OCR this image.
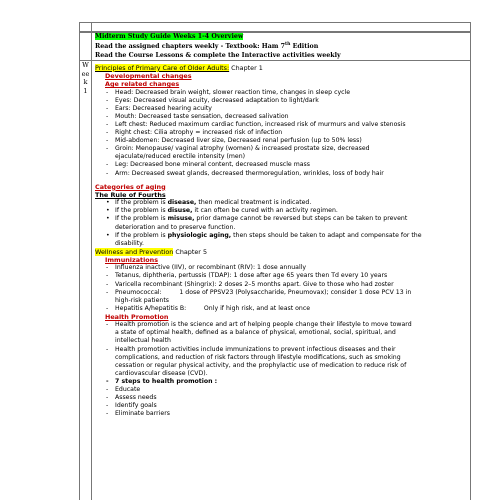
W
ee
k
1
Midterm Study Guide Weeks 1-4 Overview
Read the assigned chapters weekly - Textbook: Ham 7th Edition
Read the Course Lessons & complete the Interactive activities weekly
Principles of Primary Care of Older Adults: Chapter 1
Developmental changes
Age related changes
- Head: Decreased brain weight, slower reaction time, changes in sleep cycle
- Eyes: Decreased visual acuity, decreased adaptation to light/dark
- Ears: Decreased hearing acuity
- Mouth: Decreased taste sensation, decreased salivation
- Left chest: Reduced maximum cardiac function, increased risk of murmurs and valve stenosis
- Right chest: Cilia atrophy = increased risk of infection
- Mid-abdomen: Decreased liver size, Decreased renal perfusion (up to 50% less)
- Groin: Menopause/ vaginal atrophy (women) & increased prostate size, decreased
ejaculate/reduced erectile intensity (men)
- Leg: Decreased bone mineral content, decreased muscle mass
- Arm: Decreased sweat glands, decreased thermoregulation, wrinkles, loss of body hair
Categories of aging
The Rule of Fourths
• If the problem is disease, then medical treatment is indicated.
• If the problem is disuse, it can often be cured with an activity regimen.
• If the problem is misuse, prior damage cannot be reversed but steps can be taken to prevent
deterioration and to preserve function.
• If the problem is physiologic aging, then steps should be taken to adapt and compensate for the
disability.
Wellness and Prevention Chapter 5
Immunizations
- Influenza inactive (IIV), or recombinant (RIV): 1 dose annually
- Tetanus, diphtheria, pertussis (TDAP): 1 dose after age 65 years then Td every 10 years
- Varicella recombinant (Shingrix): 2 doses 2–5 months apart. Give to those who had zoster
- Pneumococcal:         1 dose of PPSV23 (Polysaccharide, Pneumovax); consider 1 dose PCV 13 in
high-risk patients
- Hepatitis A/hepatitis B:         Only if high risk, and at least once
Health Promotion
- Health promotion is the science and art of helping people change their lifestyle to move toward
a state of optimal health, defined as a balance of physical, emotional, social, spiritual, and
intellectual health
- Health promotion activities include immunizations to prevent infectious diseases and their
complications, and reduction of risk factors through lifestyle modifications, such as smoking
cessation or regular physical activity, and the prophylactic use of medication to reduce risk of
cardiovascular disease (CVD).
- 7 steps to health promotion :
- Educate
- Assess needs
- Identify goals
- Eliminate barriers
